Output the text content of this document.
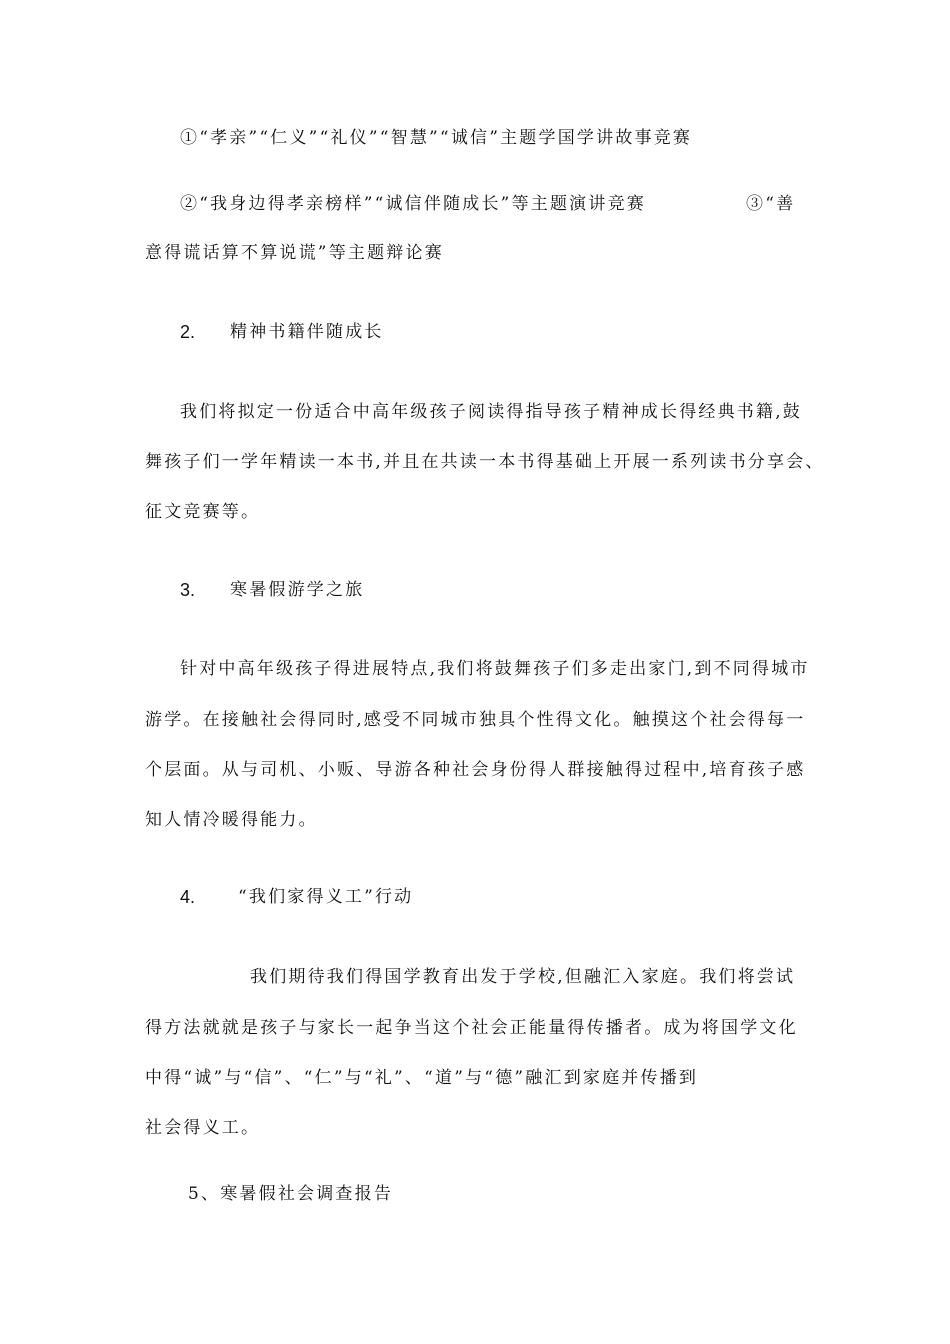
①“孝亲”“仁义”“礼仪”“智慧”“诚信”主题学国学讲故事竞赛
②“我身边得孝亲榜样”“诚信伴随成长”等主题演讲竞赛	③“善
意得谎话算不算说谎”等主题辩论赛
2. 精神书籍伴随成长
我们将拟定一份适合中高年级孩子阅读得指导孩子精神成长得经典书籍,鼓
舞孩子们一学年精读一本书,并且在共读一本书得基础上开展一系列读书分享会、
征文竞赛等。
3. 寒暑假游学之旅
针对中高年级孩子得进展特点,我们将鼓舞孩子们多走出家门,到不同得城市
游学。在接触社会得同时,感受不同城市独具个性得文化。触摸这个社会得每一
个层面。从与司机、小贩、导游各种社会身份得人群接触得过程中,培育孩子感
知人情冷暖得能力。
4.	“我们家得义工”行动
我们期待我们得国学教育出发于学校,但融汇入家庭。我们将尝试
得方法就就是孩子与家长一起争当这个社会正能量得传播者。成为将国学文化
中得“诚”与“信”、“仁”与“礼”、“道”与“德”融汇到家庭并传播到
社会得义工。
5、寒暑假社会调查报告
